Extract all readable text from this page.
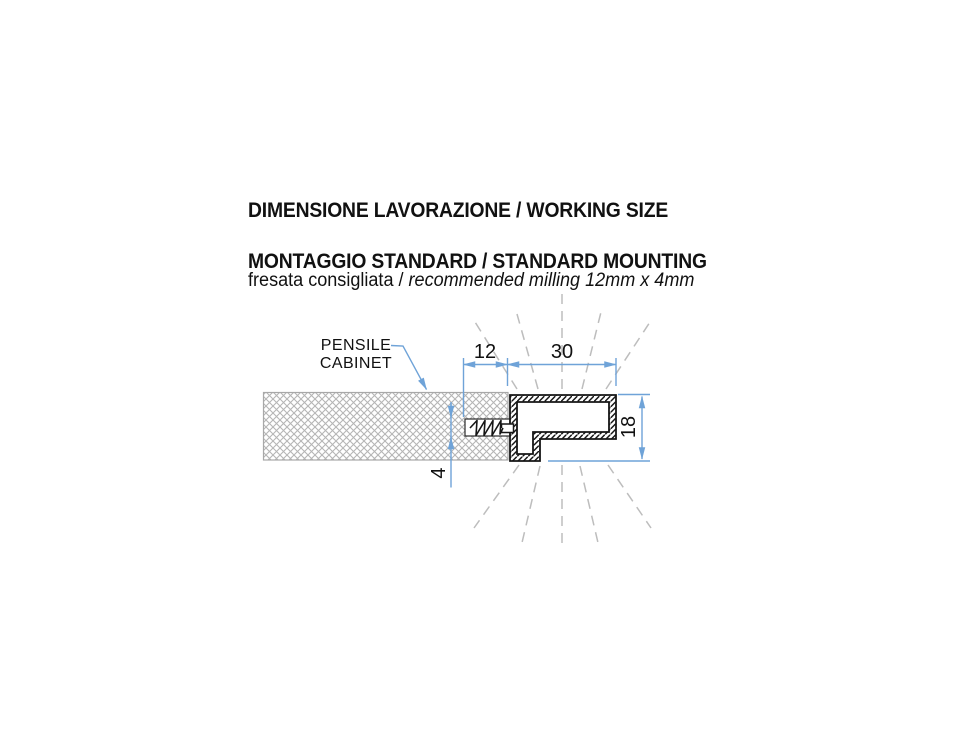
DIMENSIONE LAVORAZIONE / WORKING SIZE
MONTAGGIO STANDARD / STANDARD MOUNTING
fresata consigliata / recommended milling 12mm x 4mm
PENSILE
CABINET	12	30
18
4
